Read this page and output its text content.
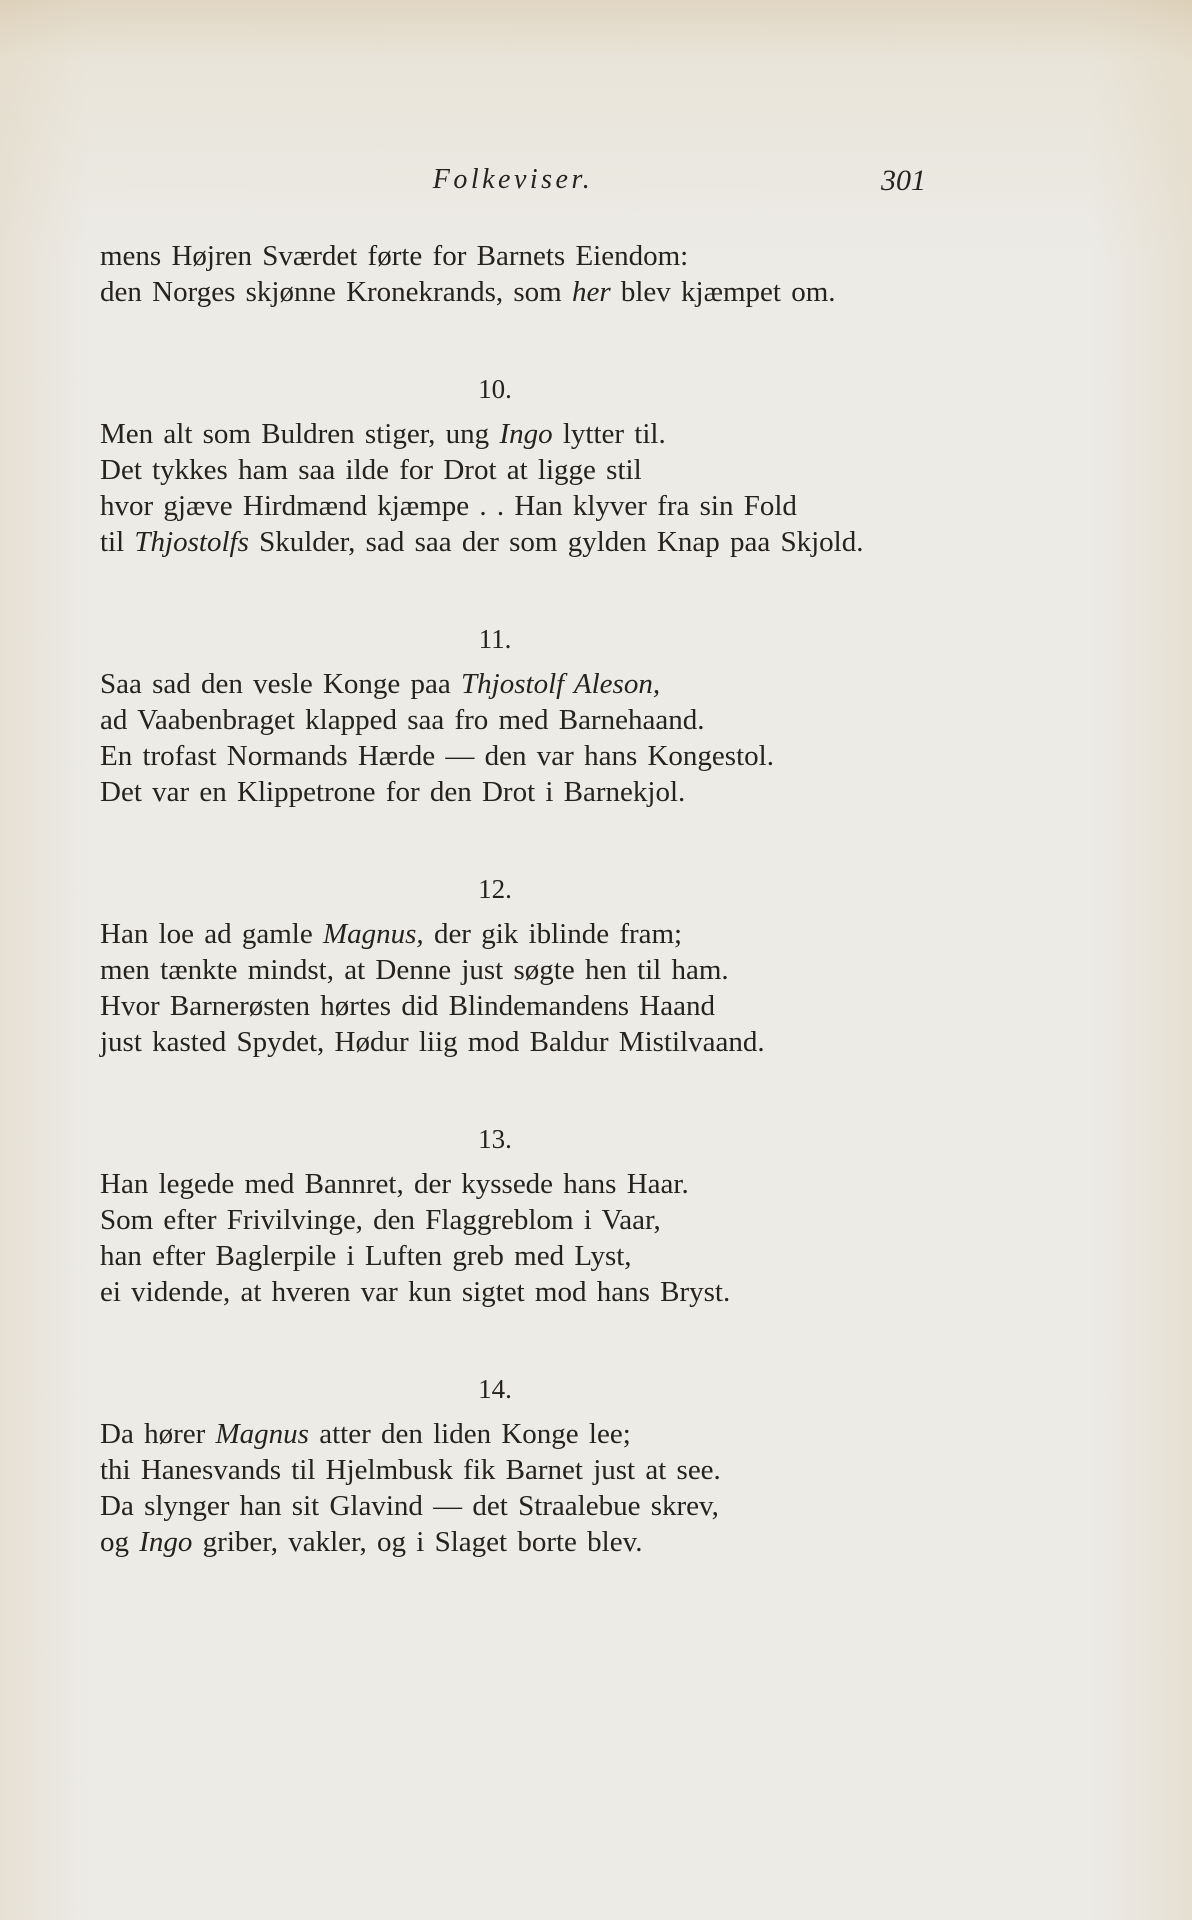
Folkeviser.	301
mens Højren Sværdet førte for Barnets Eiendom:
den Norges skjønne Kronekrands, som her blev kjæmpet om.
10.
Men alt som Buldren stiger, ung Ingo lytter til.
Det tykkes ham saa ilde for Drot at ligge stil
hvor gjæve Hirdmænd kjæmpe . . Han klyver fra sin Fold
til Thjostolfs Skulder, sad saa der som gylden Knap paa Skjold.
11.
Saa sad den vesle Konge paa Thjostolf Aleson,
ad Vaabenbraget klapped saa fro med Barnehaand.
En trofast Normands Hærde — den var hans Kongestol.
Det var en Klippetrone for den Drot i Barnekjol.
12.
Han loe ad gamle Magnus, der gik iblinde fram;
men tænkte mindst, at Denne just søgte hen til ham.
Hvor Barnerøsten hørtes did Blindemandens Haand
just kasted Spydet, Hødur liig mod Baldur Mistilvaand.
13.
Han legede med Bannret, der kyssede hans Haar.
Som efter Frivilvinge, den Flaggreblom i Vaar,
han efter Baglerpile i Luften greb med Lyst,
ei vidende, at hveren var kun sigtet mod hans Bryst.
14.
Da hører Magnus atter den liden Konge lee;
thi Hanesvands til Hjelmbusk fik Barnet just at see.
Da slynger han sit Glavind — det Straalebue skrev,
og Ingo griber, vakler, og i Slaget borte blev.
